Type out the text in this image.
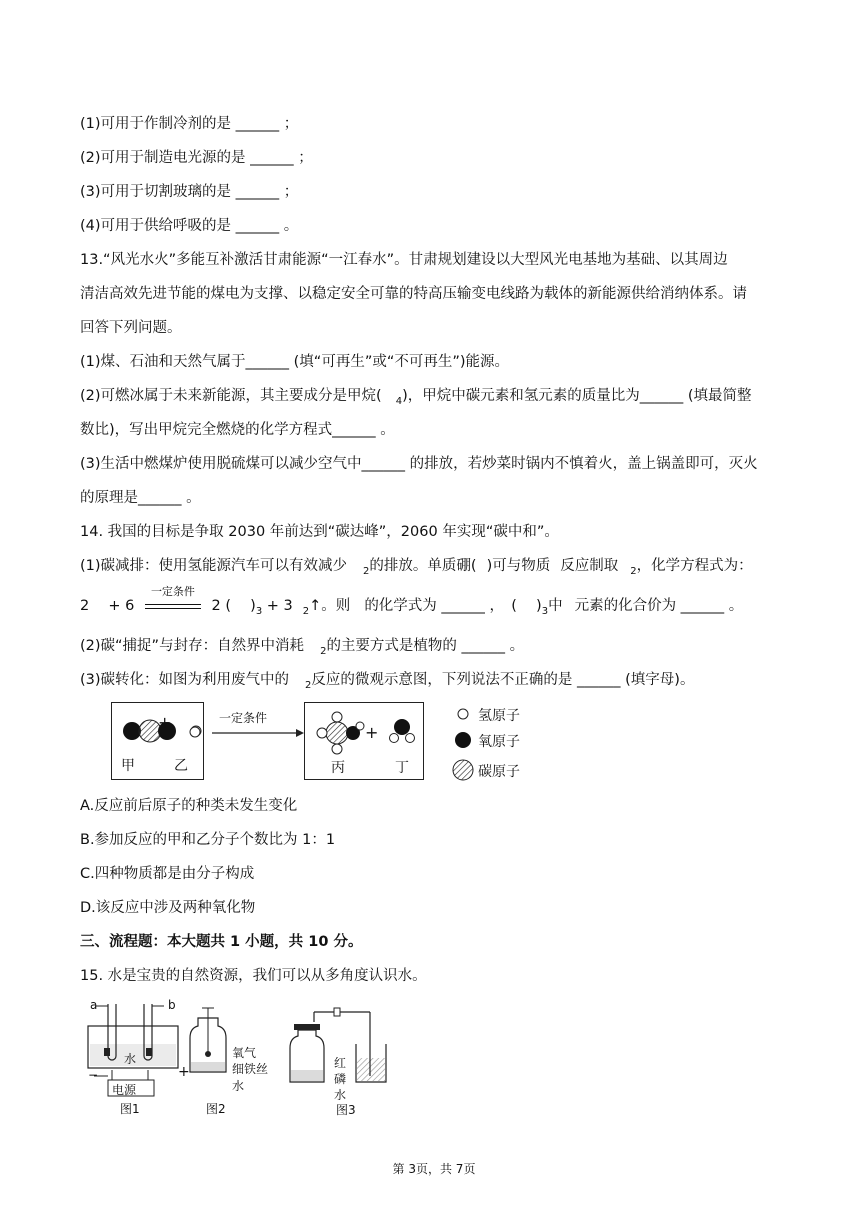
(1)可用于作制冷剂的是 ______ ；
(2)可用于制造电光源的是 ______ ；
(3)可用于切割玻璃的是 ______ ；
(4)可用于供给呼吸的是 ______ 。
13.“风光水火”多能互补激活甘肃能源“一江春水”。甘肃规划建设以大型风光电基地为基础、以其周边
清洁高效先进节能的煤电为支撑、以稳定安全可靠的特高压输变电线路为载体的新能源供给消纳体系。请
回答下列问题。
(1)煤、石油和天然气属于______ (填“可再生”或“不可再生”)能源。
(2)可燃冰属于未来新能源，其主要成分是甲烷( $_4$)，甲烷中碳元素和氢元素的质量比为______ (填最简整
数比)，写出甲烷完全燃烧的化学方程式______ 。
(3)生活中燃煤炉使用脱硫煤可以减少空气中______ 的排放，若炒菜时锅内不慎着火，盖上锅盖即可，灭火
的原理是______ 。
14. 我国的目标是争取 2030 年前达到“碳达峰”，2060 年实现“碳中和”。
(1)碳减排：使用氢能源汽车可以有效减少 $_2$的排放。单质硼( )可与物质 反应制取 $_2$，化学方程式为：
2 　+ 6
一定条件
2 (　 )$_3 + 3$ $_2$↑。则 的化学式为 ______ ，　(　 )$_3$中 元素的化合价为 ______ 。
(2)碳“捕捉”与封存：自然界中消耗 $_2$的主要方式是植物的 ______ 。
(3)碳转化：如图为利用废气中的 $_2$反应的微观示意图，下列说法不正确的是 ______ (填字母)。
+
甲	乙
一定条件
+
丙	丁
氢原子
氧原子
碳原子
A.反应前后原子的种类未发生变化
B.参加反应的甲和乙分子个数比为 1：1
C.四种物质都是由分子构成
D.该反应中涉及两种氧化物
三、流程题：本大题共 1 小题，共 10 分。
15. 水是宝贵的自然资源，我们可以从多角度认识水。
a	b
水
−	+
电源
图1
氧气
细铁丝
水
图2
红
磷
水
图3
第 3页，共 7页
